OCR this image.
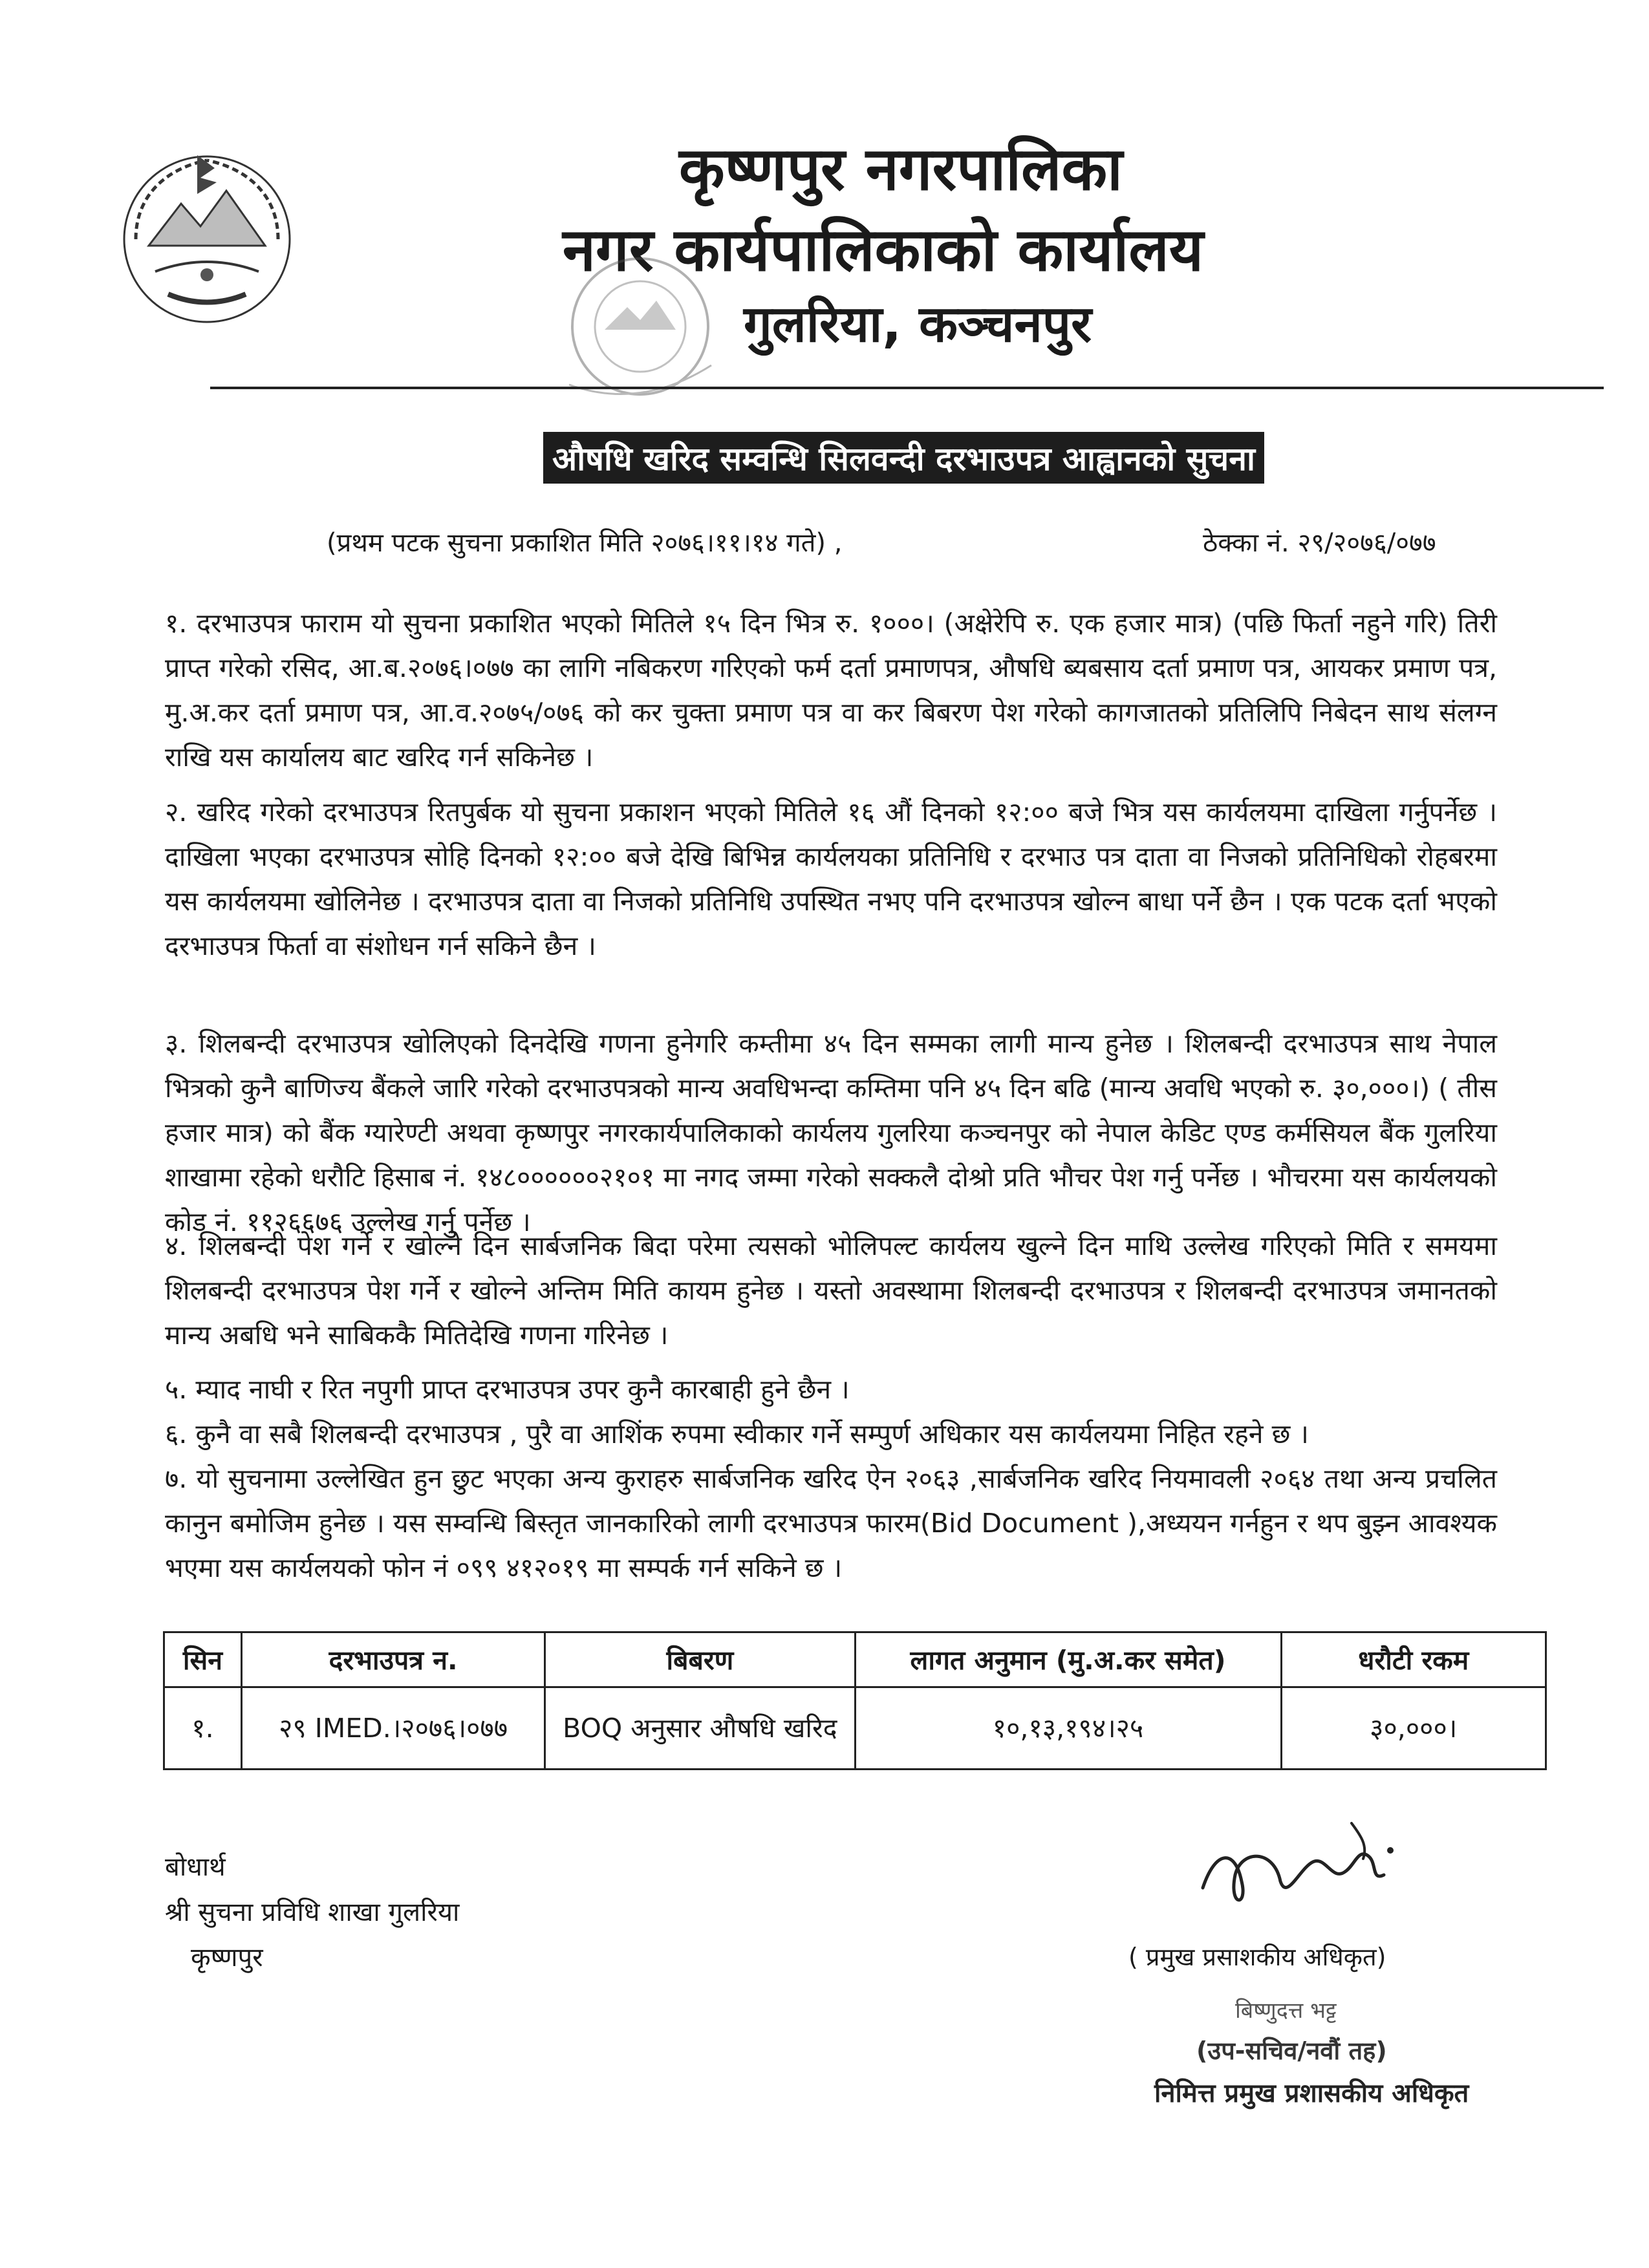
कृष्णपुर नगरपालिका
नगर कार्यपालिकाको कार्यालय
गुलरिया, कञ्चनपुर
औषधि खरिद सम्वन्धि सिलवन्दी दरभाउपत्र आह्वानको सुचना
(प्रथम पटक सुचना प्रकाशित मिति २०७६।११।१४ गते) ,	ठेक्का नं. २९/२०७६/०७७

१. दरभाउपत्र फाराम यो सुचना प्रकाशित भएको मितिले १५ दिन भित्र रु. १०००। (अक्षेरेपि रु. एक हजार मात्र) (पछि फिर्ता नहुने गरि) तिरी प्राप्त गरेको रसिद, आ.ब.२०७६।०७७ का लागि नबिकरण गरिएको फर्म दर्ता प्रमाणपत्र, औषधि ब्यबसाय दर्ता प्रमाण पत्र, आयकर प्रमाण पत्र, मु.अ.कर दर्ता प्रमाण पत्र, आ.व.२०७५/०७६ को कर चुक्ता प्रमाण पत्र वा कर बिबरण पेश गरेको कागजातको प्रतिलिपि निबेदन साथ संलग्न राखि यस कार्यालय बाट खरिद गर्न सकिनेछ ।

२. खरिद गरेको दरभाउपत्र रितपुर्बक यो सुचना प्रकाशन भएको मितिले १६ औं दिनको १२:०० बजे भित्र यस कार्यलयमा दाखिला गर्नुपर्नेछ । दाखिला भएका दरभाउपत्र सोहि दिनको १२:०० बजे देखि बिभिन्न कार्यलयका प्रतिनिधि र दरभाउ पत्र दाता वा निजको प्रतिनिधिको रोहबरमा यस कार्यलयमा खोलिनेछ । दरभाउपत्र दाता वा निजको प्रतिनिधि उपस्थित नभए पनि दरभाउपत्र खोल्न बाधा पर्ने छैन । एक पटक दर्ता भएको दरभाउपत्र फिर्ता वा संशोधन गर्न सकिने छैन ।

३. शिलबन्दी दरभाउपत्र खोलिएको दिनदेखि गणना हुनेगरि कम्तीमा ४५ दिन सम्मका लागी मान्य हुनेछ । शिलबन्दी दरभाउपत्र साथ नेपाल भित्रको कुनै बाणिज्य बैंकले जारि गरेको दरभाउपत्रको मान्य अवधिभन्दा कम्तिमा पनि ४५ दिन बढि (मान्य अवधि भएको रु. ३०,०००।) ( तीस हजार मात्र) को बैंक ग्यारेण्टी अथवा कृष्णपुर नगरकार्यपालिकाको कार्यलय गुलरिया कञ्चनपुर को नेपाल केडिट एण्ड कर्मसियल बैंक गुलरिया शाखामा रहेको धरौटि हिसाब नं. १४८००००००२१०१ मा नगद जम्मा गरेको सक्कलै दोश्रो प्रति भौचर पेश गर्नु पर्नेछ । भौचरमा यस कार्यलयको कोड नं. ११२६६७६ उल्लेख गर्नु पर्नेछ ।

४. शिलबन्दी पेश गर्ने र खोल्ने दिन सार्बजनिक बिदा परेमा त्यसको भोलिपल्ट कार्यलय खुल्ने दिन माथि उल्लेख गरिएको मिति र समयमा शिलबन्दी दरभाउपत्र पेश गर्ने र खोल्ने अन्तिम मिति कायम हुनेछ । यस्तो अवस्थामा शिलबन्दी दरभाउपत्र र शिलबन्दी दरभाउपत्र जमानतको मान्य अबधि भने साबिककै मितिदेखि गणना गरिनेछ ।

५. म्याद नाघी र रित नपुगी प्राप्त दरभाउपत्र उपर कुनै कारबाही हुने छैन ।

६. कुनै वा सबै शिलबन्दी दरभाउपत्र , पुरै वा आशिंक रुपमा स्वीकार गर्ने सम्पुर्ण अधिकार यस कार्यलयमा निहित रहने छ ।

७. यो सुचनामा उल्लेखित हुन छुट भएका अन्य कुराहरु सार्बजनिक खरिद ऐन २०६३ ,सार्बजनिक खरिद नियमावली २०६४ तथा अन्य प्रचलित कानुन बमोजिम हुनेछ । यस सम्वन्धि बिस्तृत जानकारिको लागी दरभाउपत्र फारम(Bid Document ),अध्ययन गर्नहुन र थप बुझ्न आवश्यक भएमा यस कार्यलयको फोन नं ०९९ ४१२०१९ मा सम्पर्क गर्न सकिने छ ।

सिन	दरभाउपत्र न.	बिबरण	लागत अनुमान (मु.अ.कर समेत)	धरौटी रकम
१.	२९ IMED.।२०७६।०७७	BOQ अनुसार औषधि खरिद	१०,१३,१९४।२५	३०,०००।
बोधार्थ
श्री सुचना प्रविधि शाखा गुलरिया
कृष्णपुर	( प्रमुख प्रसाशकीय अधिकृत)
बिष्णुदत्त भट्ट
(उप-सचिव/नवौं तह)
निमित्त प्रमुख प्रशासकीय अधिकृत
